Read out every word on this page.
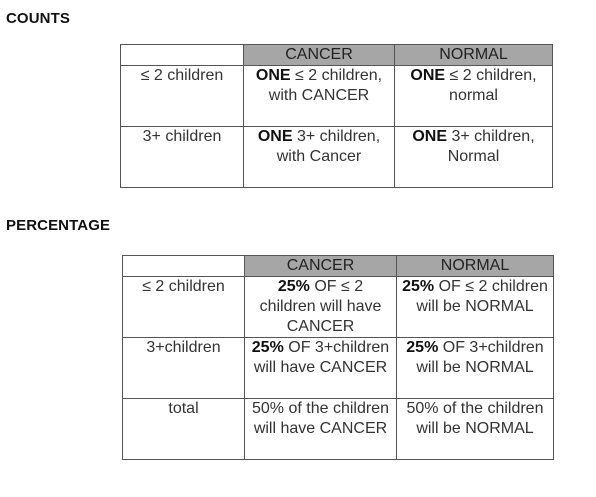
COUNTS
	CANCER	NORMAL
≤ 2 children	ONE ≤ 2 children, with CANCER	ONE ≤ 2 children, normal
3+ children	ONE 3+ children, with Cancer	ONE 3+ children, Normal
PERCENTAGE
	CANCER	NORMAL
≤ 2 children	25% OF ≤ 2 children will have CANCER	25% OF ≤ 2 children will be NORMAL
3+children	25% OF 3+children will have CANCER	25% OF 3+children will be NORMAL
total	50% of the children will have CANCER	50% of the children will be NORMAL
